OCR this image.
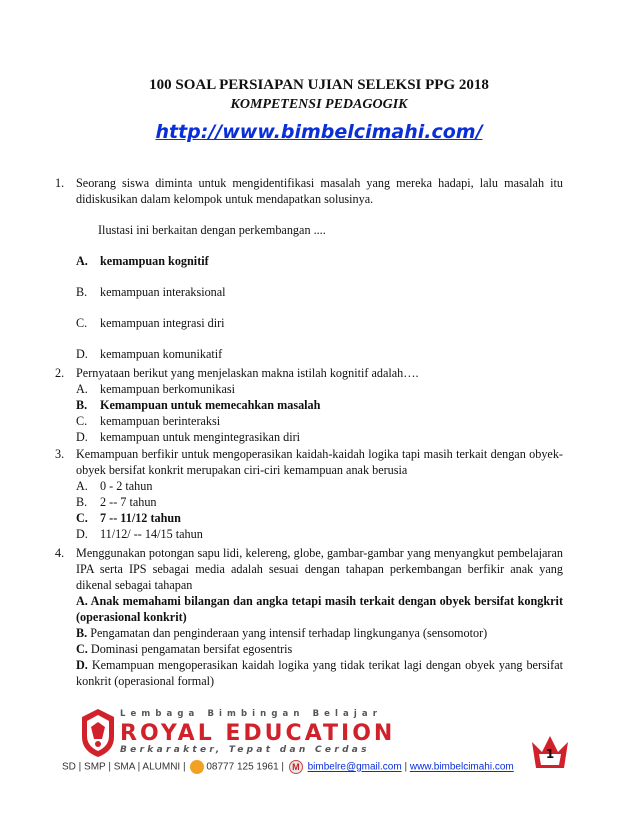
100 SOAL PERSIAPAN UJIAN SELEKSI PPG 2018
KOMPETENSI PEDAGOGIK
http://www.bimbelcimahi.com/
1. Seorang siswa diminta untuk mengidentifikasi masalah yang mereka hadapi, lalu masalah itu didiskusikan dalam kelompok untuk mendapatkan solusinya.
Ilustasi ini berkaitan dengan perkembangan ....
A. kemampuan kognitif
B. kemampuan interaksional
C. kemampuan integrasi diri
D. kemampuan komunikatif
2. Pernyataan berikut yang menjelaskan makna istilah kognitif adalah….
A. kemampuan berkomunikasi
B. Kemampuan untuk memecahkan masalah
C. kemampuan berinteraksi
D. kemampuan untuk mengintegrasikan diri
3. Kemampuan berfikir untuk mengoperasikan kaidah-kaidah logika tapi masih terkait dengan obyek-obyek bersifat konkrit merupakan ciri-ciri kemampuan anak berusia
A. 0 - 2 tahun
B. 2 -- 7 tahun
C. 7 -- 11/12 tahun
D. 11/12/ -- 14/15 tahun
4. Menggunakan potongan sapu lidi, kelereng, globe, gambar-gambar yang menyangkut pembelajaran IPA serta IPS sebagai media adalah sesuai dengan tahapan perkembangan berfikir anak yang dikenal sebagai tahapan
A. Anak memahami bilangan dan angka tetapi masih terkait dengan obyek bersifat kongkrit (operasional konkrit)
B. Pengamatan dan penginderaan yang intensif terhadap lingkunganya (sensomotor)
C. Dominasi pengamatan bersifat egosentris
D. Kemampuan mengoperasikan kaidah logika yang tidak terikat lagi dengan obyek yang bersifat konkrit (operasional formal)
Lembaga Bimbingan Belajar
ROYAL EDUCATION
Berkarakter, Tepat dan Cerdas	1
SD | SMP | SMA | ALUMNI | 08777 125 1961 | M bimbelre@gmail.com | www.bimbelcimahi.com
